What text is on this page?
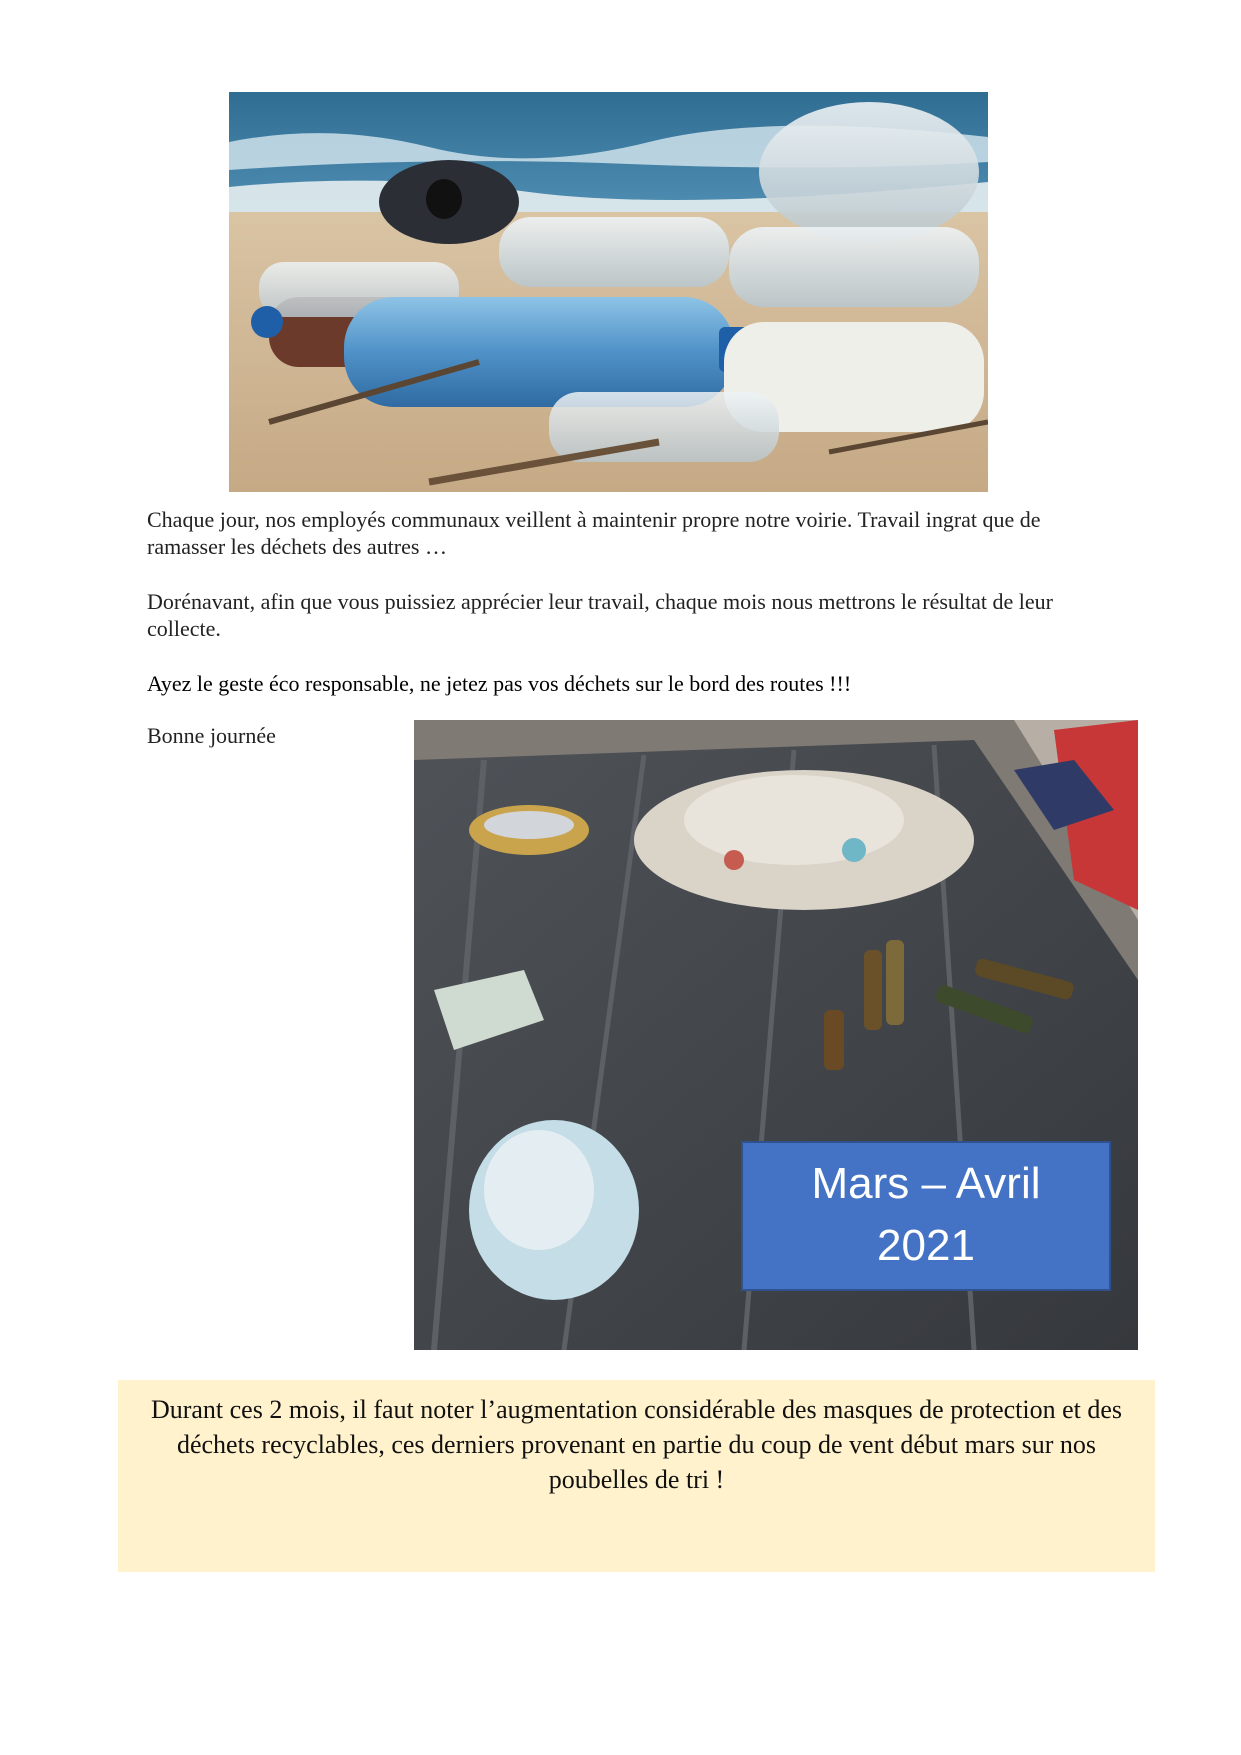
Chaque jour, nos employés communaux veillent à maintenir propre notre voirie. Travail ingrat que de ramasser les déchets des autres …

Dorénavant, afin que vous puissiez apprécier leur travail, chaque mois nous mettrons le résultat de leur collecte.

Ayez le geste éco responsable, ne jetez pas vos déchets sur le bord des routes !!!

Bonne journée

Mars – Avril
2021
Durant ces 2 mois, il faut noter l’augmentation considérable des masques de protection et des déchets recyclables, ces derniers provenant en partie du coup de vent début mars sur nos poubelles de tri !
